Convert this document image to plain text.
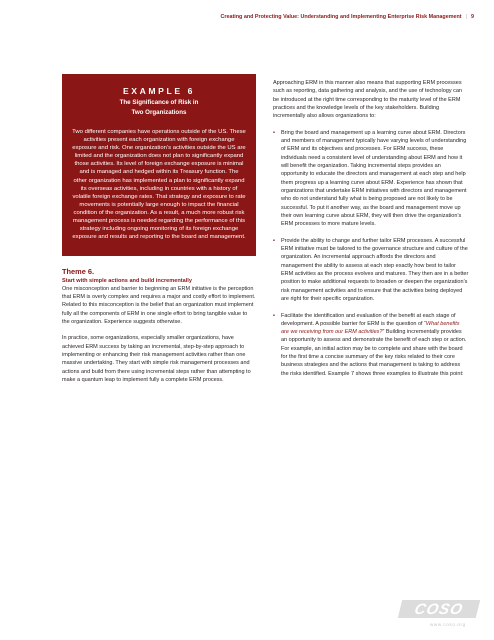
Creating and Protecting Value: Understanding and Implementing Enterprise Risk Management | 9
EXAMPLE 6
The Significance of Risk in
Two Organizations

Two different companies have operations outside of the US. These activities present each organization with foreign exchange exposure and risk. One organization’s activities outside the US are limited and the organization does not plan to significantly expand those activities. Its level of foreign exchange exposure is minimal and is managed and hedged within its Treasury function. The other organization has implemented a plan to significantly expand its overseas activities, including in countries with a history of volatile foreign exchange rates. That strategy and exposure to rate movements is potentially large enough to impact the financial condition of the organization. As a result, a much more robust risk management process is needed regarding the performance of this strategy including ongoing monitoring of its foreign exchange exposure and results and reporting to the board and management.

Theme 6.
Start with simple actions and build incrementally

One misconception and barrier to beginning an ERM initiative is the perception that ERM is overly complex and requires a major and costly effort to implement. Related to this misconception is the belief that an organization must implement fully all the components of ERM in one single effort to bring tangible value to the organization. Experience suggests otherwise.

In practice, some organizations, especially smaller organizations, have achieved ERM success by taking an incremental, step-by-step approach to implementing or enhancing their risk management activities rather than one massive undertaking. They start with simple risk management processes and actions and build from there using incremental steps rather than attempting to make a quantum leap to implement fully a complete ERM process.

Approaching ERM in this manner also means that supporting ERM processes such as reporting, data gathering and analysis, and the use of technology can be introduced at the right time corresponding to the maturity level of the ERM practices and the knowledge levels of the key stakeholders. Building incrementally also allows organizations to:

• Bring the board and management up a learning curve about ERM. Directors and members of management typically have varying levels of understanding of ERM and its objectives and processes. For ERM success, these individuals need a consistent level of understanding about ERM and how it will benefit the organization. Taking incremental steps provides an opportunity to educate the directors and management at each step and help them progress up a learning curve about ERM. Experience has shown that organizations that undertake ERM initiatives with directors and management who do not understand fully what is being proposed are not likely to be successful. To put it another way, as the board and management move up their own learning curve about ERM, they will then drive the organization’s ERM processes to more mature levels.
• Provide the ability to change and further tailor ERM processes. A successful ERM initiative must be tailored to the governance structure and culture of the organization. An incremental approach affords the directors and management the ability to assess at each step exactly how best to tailor ERM activities as the process evolves and matures. They then are in a better position to make additional requests to broaden or deepen the organization’s risk management activities and to ensure that the activities being deployed are right for their specific organization.
• Facilitate the identification and evaluation of the benefit at each stage of development. A possible barrier for ERM is the question of “What benefits are we receiving from our ERM activities?” Building incrementally provides an opportunity to assess and demonstrate the benefit of each step or action. For example, an initial action may be to complete and share with the board for the first time a concise summary of the key risks related to their core business strategies and the actions that management is taking to address the risks identified. Example 7 shows three examples to illustrate this point:
COSO
www.coso.org
